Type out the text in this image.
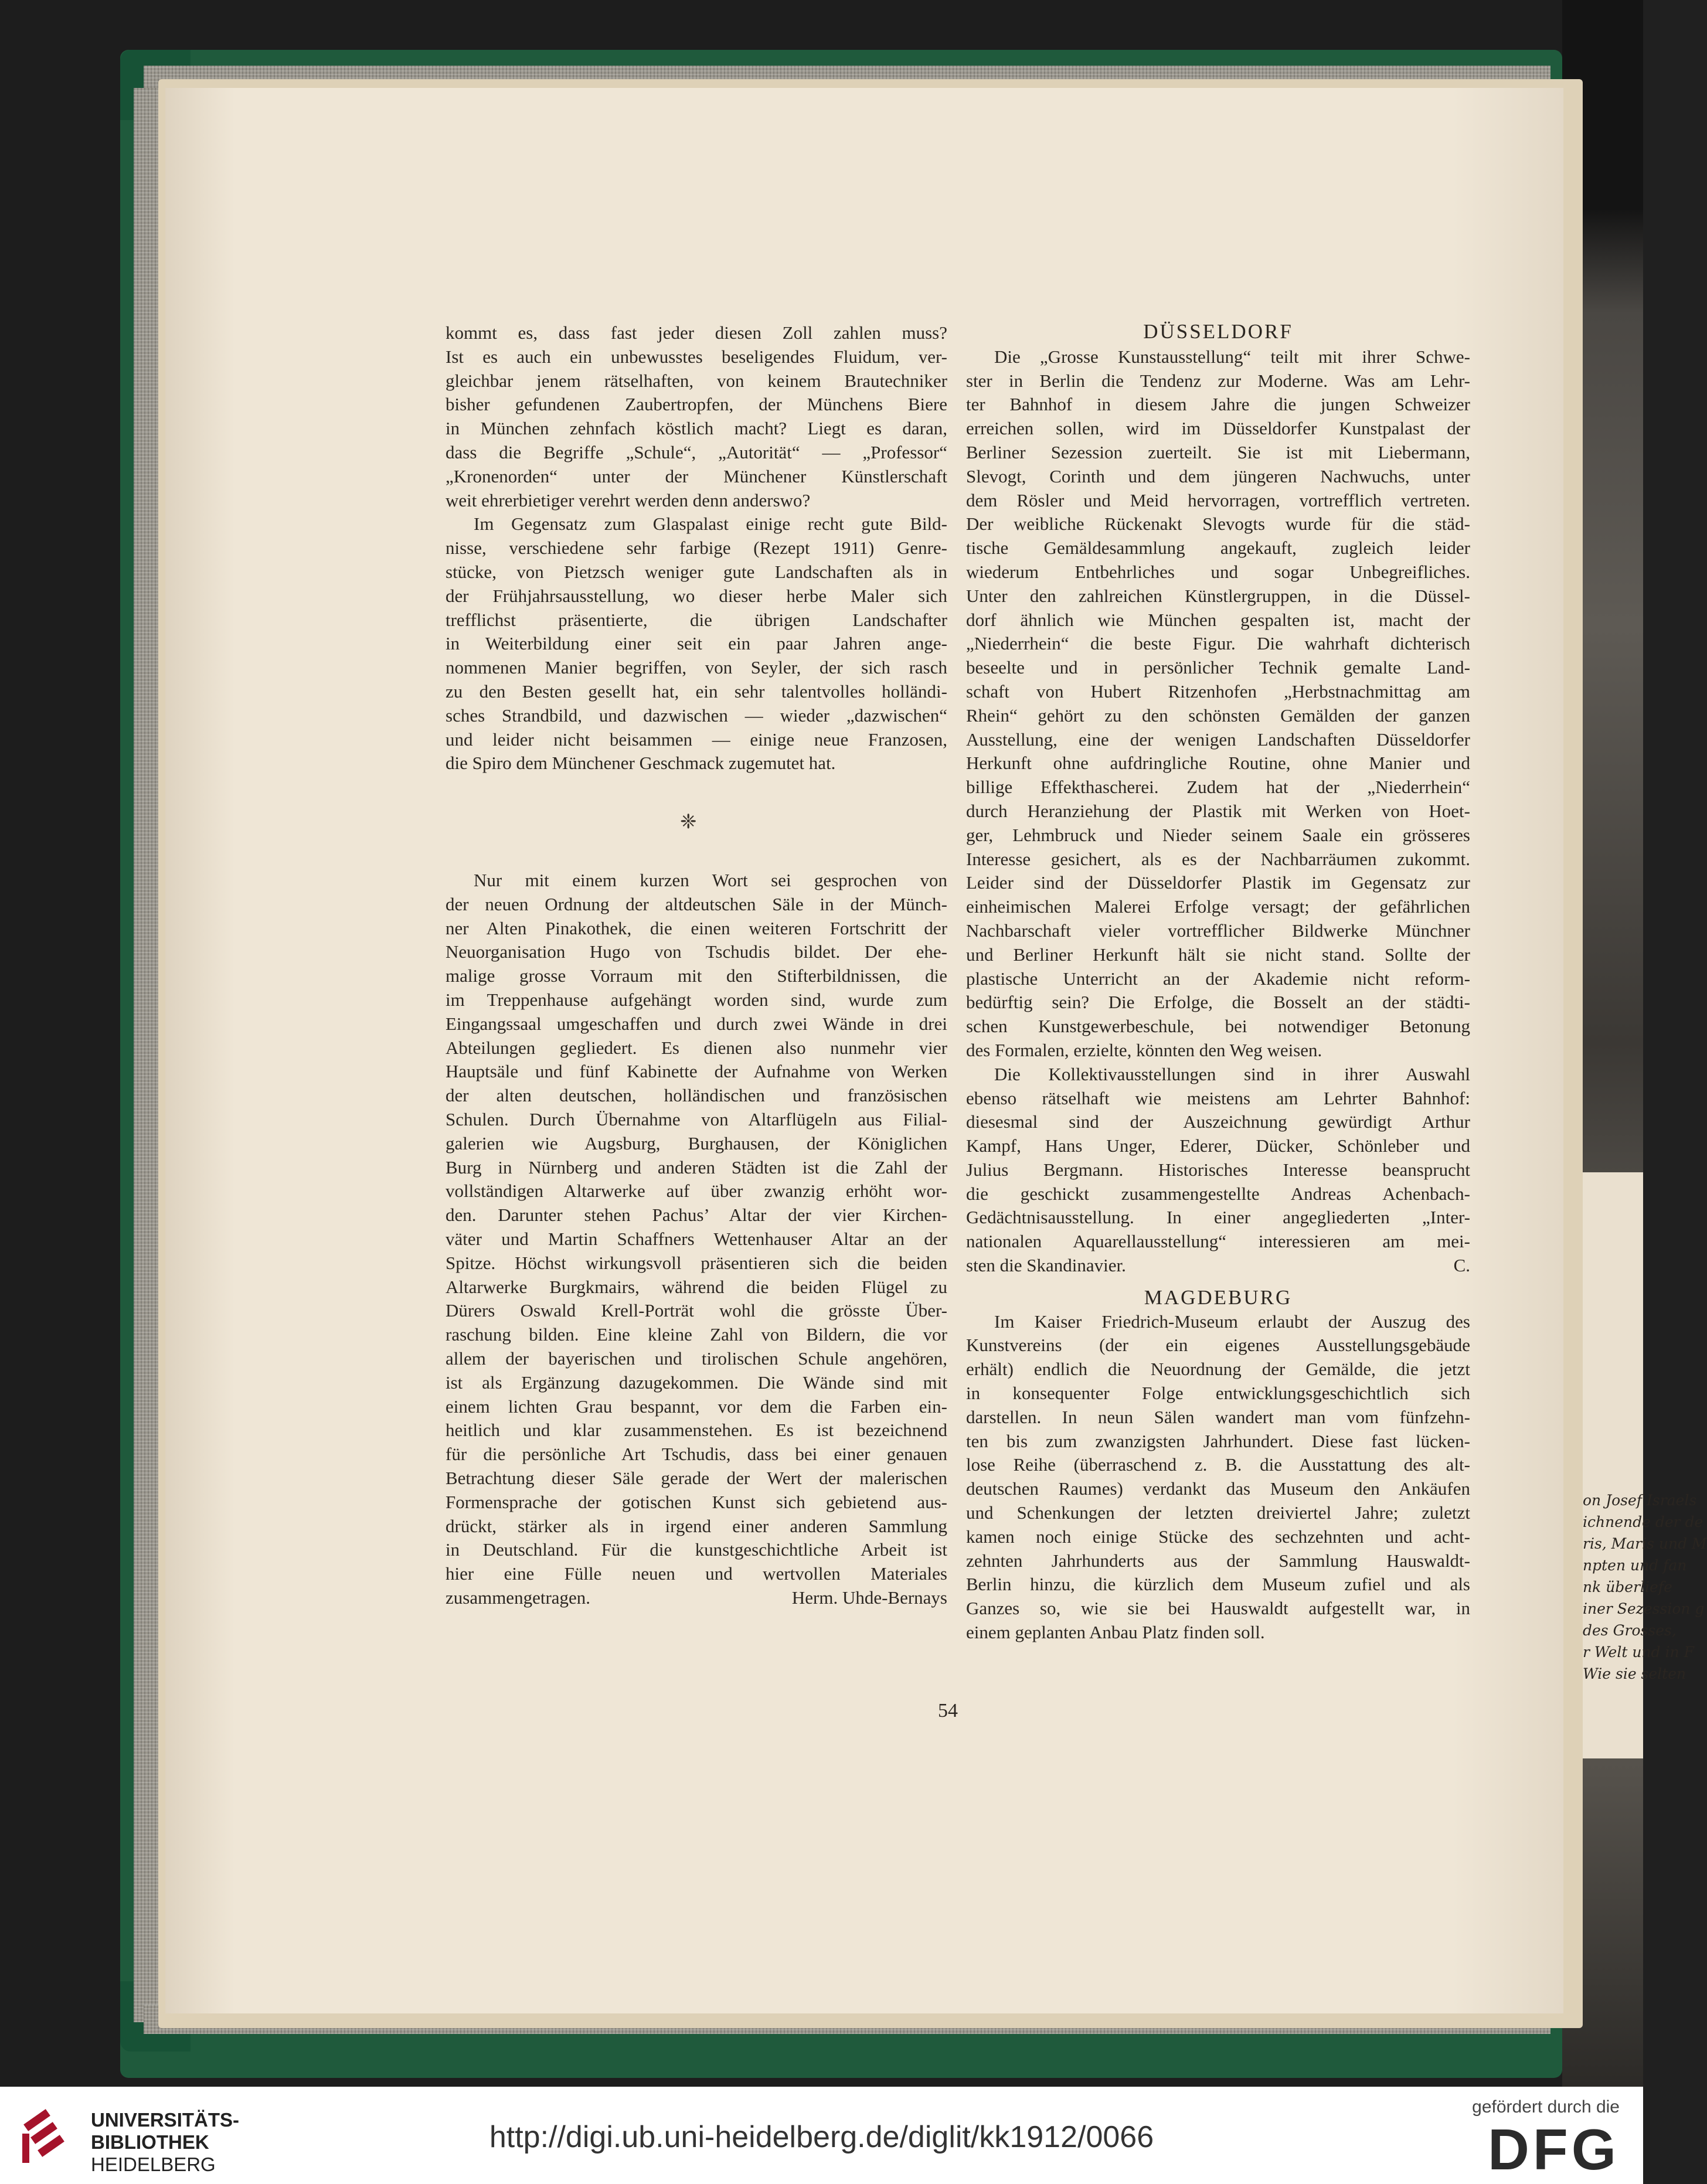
on Josef Israels
ichnende der de
ris, Maris und M
npten und fan
nk überliefe
iner Sezession g
des Grosses,
r Welt und in F
Wie sie selten

kommt es, dass fast jeder diesen Zoll zahlen muss?

Ist es auch ein unbewusstes beseligendes Fluidum, ver-

gleichbar jenem rätselhaften, von keinem Brautechniker

bisher gefundenen Zaubertropfen, der Münchens Biere

in München zehnfach köstlich macht? Liegt es daran,

dass die Begriffe „Schule“, „Autorität“ — „Professor“

„Kronenorden“ unter der Münchener Künstlerschaft

weit ehrerbietiger verehrt werden denn anderswo?

Im Gegensatz zum Glaspalast einige recht gute Bild-

nisse, verschiedene sehr farbige (Rezept 1911) Genre-

stücke, von Pietzsch weniger gute Landschaften als in

der Frühjahrsausstellung, wo dieser herbe Maler sich

trefflichst präsentierte, die übrigen Landschafter

in Weiterbildung einer seit ein paar Jahren ange-

nommenen Manier begriffen, von Seyler, der sich rasch

zu den Besten gesellt hat, ein sehr talentvolles holländi-

sches Strandbild, und dazwischen — wieder „dazwischen“

und leider nicht beisammen — einige neue Franzosen,

die Spiro dem Münchener Geschmack zugemutet hat.

❈

Nur mit einem kurzen Wort sei gesprochen von

der neuen Ordnung der altdeutschen Säle in der Münch-

ner Alten Pinakothek, die einen weiteren Fortschritt der

Neuorganisation Hugo von Tschudis bildet. Der ehe-

malige grosse Vorraum mit den Stifterbildnissen, die

im Treppenhause aufgehängt worden sind, wurde zum

Eingangssaal umgeschaffen und durch zwei Wände in drei

Abteilungen gegliedert. Es dienen also nunmehr vier

Hauptsäle und fünf Kabinette der Aufnahme von Werken

der alten deutschen, holländischen und französischen

Schulen. Durch Übernahme von Altarflügeln aus Filial-

galerien wie Augsburg, Burghausen, der Königlichen

Burg in Nürnberg und anderen Städten ist die Zahl der

vollständigen Altarwerke auf über zwanzig erhöht wor-

den. Darunter stehen Pachus’ Altar der vier Kirchen-

väter und Martin Schaffners Wettenhauser Altar an der

Spitze. Höchst wirkungsvoll präsentieren sich die beiden

Altarwerke Burgkmairs, während die beiden Flügel zu

Dürers Oswald Krell-Porträt wohl die grösste Über-

raschung bilden. Eine kleine Zahl von Bildern, die vor

allem der bayerischen und tirolischen Schule angehören,

ist als Ergänzung dazugekommen. Die Wände sind mit

einem lichten Grau bespannt, vor dem die Farben ein-

heitlich und klar zusammenstehen. Es ist bezeichnend

für die persönliche Art Tschudis, dass bei einer genauen

Betrachtung dieser Säle gerade der Wert der malerischen

Formensprache der gotischen Kunst sich gebietend aus-

drückt, stärker als in irgend einer anderen Sammlung

in Deutschland. Für die kunstgeschichtliche Arbeit ist

hier eine Fülle neuen und wertvollen Materiales

zusammengetragen.	Herm. Uhde-Bernays

DÜSSELDORF

Die „Grosse Kunstausstellung“ teilt mit ihrer Schwe-

ster in Berlin die Tendenz zur Moderne. Was am Lehr-

ter Bahnhof in diesem Jahre die jungen Schweizer

erreichen sollen, wird im Düsseldorfer Kunstpalast der

Berliner Sezession zuerteilt. Sie ist mit Liebermann,

Slevogt, Corinth und dem jüngeren Nachwuchs, unter

dem Rösler und Meid hervorragen, vortrefflich vertreten.

Der weibliche Rückenakt Slevogts wurde für die städ-

tische Gemäldesammlung angekauft, zugleich leider

wiederum Entbehrliches und sogar Unbegreifliches.

Unter den zahlreichen Künstlergruppen, in die Düssel-

dorf ähnlich wie München gespalten ist, macht der

„Niederrhein“ die beste Figur. Die wahrhaft dichterisch

beseelte und in persönlicher Technik gemalte Land-

schaft von Hubert Ritzenhofen „Herbstnachmittag am

Rhein“ gehört zu den schönsten Gemälden der ganzen

Ausstellung, eine der wenigen Landschaften Düsseldorfer

Herkunft ohne aufdringliche Routine, ohne Manier und

billige Effekthascherei. Zudem hat der „Niederrhein“

durch Heranziehung der Plastik mit Werken von Hoet-

ger, Lehmbruck und Nieder seinem Saale ein grösseres

Interesse gesichert, als es der Nachbarräumen zukommt.

Leider sind der Düsseldorfer Plastik im Gegensatz zur

einheimischen Malerei Erfolge versagt; der gefährlichen

Nachbarschaft vieler vortrefflicher Bildwerke Münchner

und Berliner Herkunft hält sie nicht stand. Sollte der

plastische Unterricht an der Akademie nicht reform-

bedürftig sein? Die Erfolge, die Bosselt an der städti-

schen Kunstgewerbeschule, bei notwendiger Betonung

des Formalen, erzielte, könnten den Weg weisen.

Die Kollektivausstellungen sind in ihrer Auswahl

ebenso rätselhaft wie meistens am Lehrter Bahnhof:

diesesmal sind der Auszeichnung gewürdigt Arthur

Kampf, Hans Unger, Ederer, Dücker, Schönleber und

Julius Bergmann. Historisches Interesse beansprucht

die geschickt zusammengestellte Andreas Achenbach-

Gedächtnisausstellung. In einer angegliederten „Inter-

nationalen Aquarellausstellung“ interessieren am mei-

sten die Skandinavier.	C.

MAGDEBURG

Im Kaiser Friedrich-Museum erlaubt der Auszug des

Kunstvereins (der ein eigenes Ausstellungsgebäude

erhält) endlich die Neuordnung der Gemälde, die jetzt

in konsequenter Folge entwicklungsgeschichtlich sich

darstellen. In neun Sälen wandert man vom fünfzehn-

ten bis zum zwanzigsten Jahrhundert. Diese fast lücken-

lose Reihe (überraschend z. B. die Ausstattung des alt-

deutschen Raumes) verdankt das Museum den Ankäufen

und Schenkungen der letzten dreiviertel Jahre; zuletzt

kamen noch einige Stücke des sechzehnten und acht-

zehnten Jahrhunderts aus der Sammlung Hauswaldt-

Berlin hinzu, die kürzlich dem Museum zufiel und als

Ganzes so, wie sie bei Hauswaldt aufgestellt war, in

einem geplanten Anbau Platz finden soll.

54
UNIVERSITÄTS-
BIBLIOTHEK
HEIDELBERG
http://digi.ub.uni-heidelberg.de/diglit/kk1912/0066
gefördert durch die
DFG
